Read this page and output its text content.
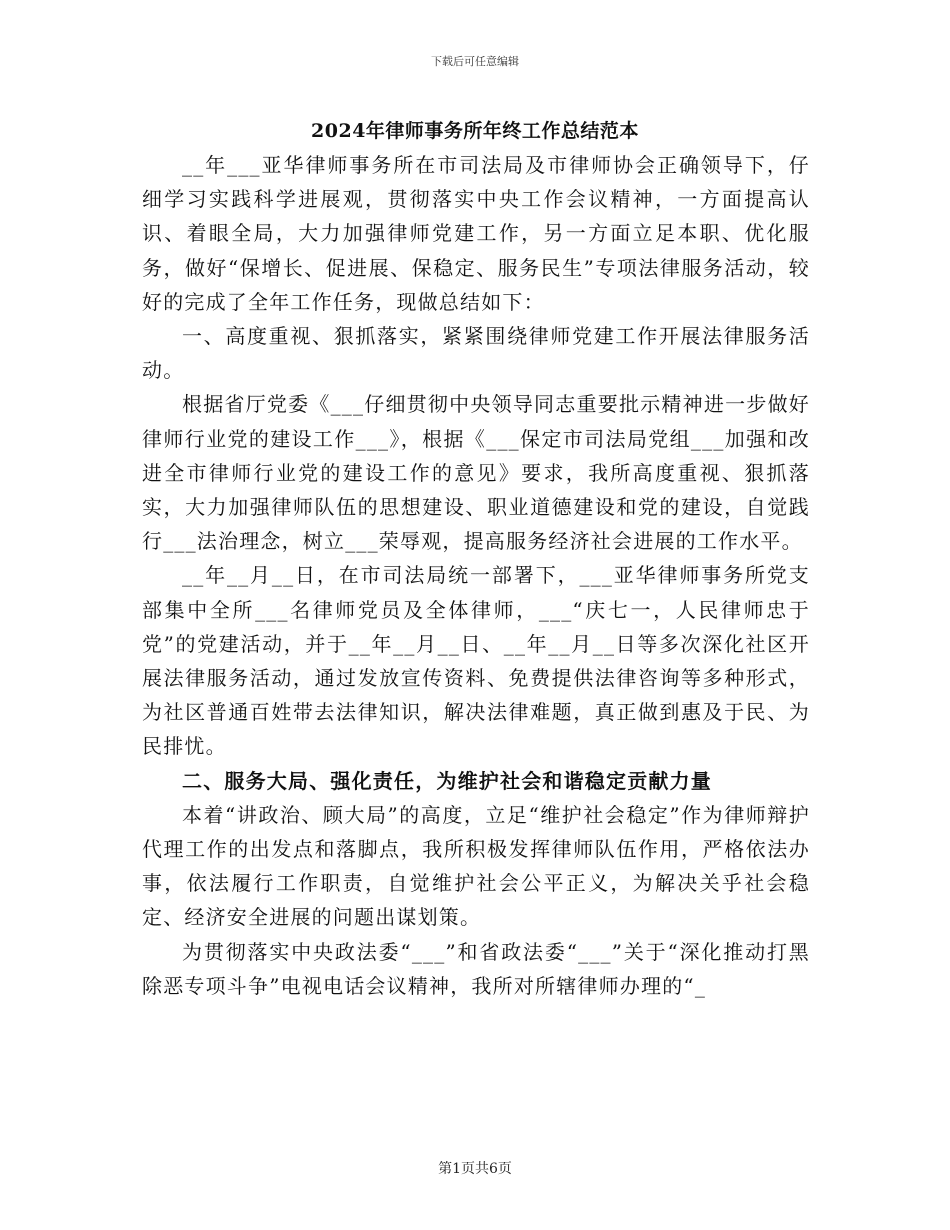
下载后可任意编辑
2024年律师事务所年终工作总结范本

__年___亚华律师事务所在市司法局及市律师协会正确领导下，仔细学习实践科学进展观，贯彻落实中央工作会议精神，一方面提高认识、着眼全局，大力加强律师党建工作，另一方面立足本职、优化服务，做好“保增长、促进展、保稳定、服务民生”专项法律服务活动，较好的完成了全年工作任务，现做总结如下：

一、高度重视、狠抓落实，紧紧围绕律师党建工作开展法律服务活动。

根据省厅党委《___仔细贯彻中央领导同志重要批示精神进一步做好律师行业党的建设工作___》，根据《___保定市司法局党组___加强和改进全市律师行业党的建设工作的意见》要求，我所高度重视、狠抓落实，大力加强律师队伍的思想建设、职业道德建设和党的建设，自觉践行___法治理念，树立___荣辱观，提高服务经济社会进展的工作水平。

__年__月__日，在市司法局统一部署下，___亚华律师事务所党支部集中全所___名律师党员及全体律师，___“庆七一，人民律师忠于党”的党建活动，并于__年__月__日、__年__月__日等多次深化社区开展法律服务活动，通过发放宣传资料、免费提供法律咨询等多种形式，为社区普通百姓带去法律知识，解决法律难题，真正做到惠及于民、为民排忧。

二、服务大局、强化责任，为维护社会和谐稳定贡献力量

本着“讲政治、顾大局”的高度，立足“维护社会稳定”作为律师辩护代理工作的出发点和落脚点，我所积极发挥律师队伍作用，严格依法办事，依法履行工作职责，自觉维护社会公平正义，为解决关乎社会稳定、经济安全进展的问题出谋划策。

为贯彻落实中央政法委“___”和省政法委“___”关于“深化推动打黑除恶专项斗争”电视电话会议精神，我所对所辖律师办理的“_

第1页共6页
